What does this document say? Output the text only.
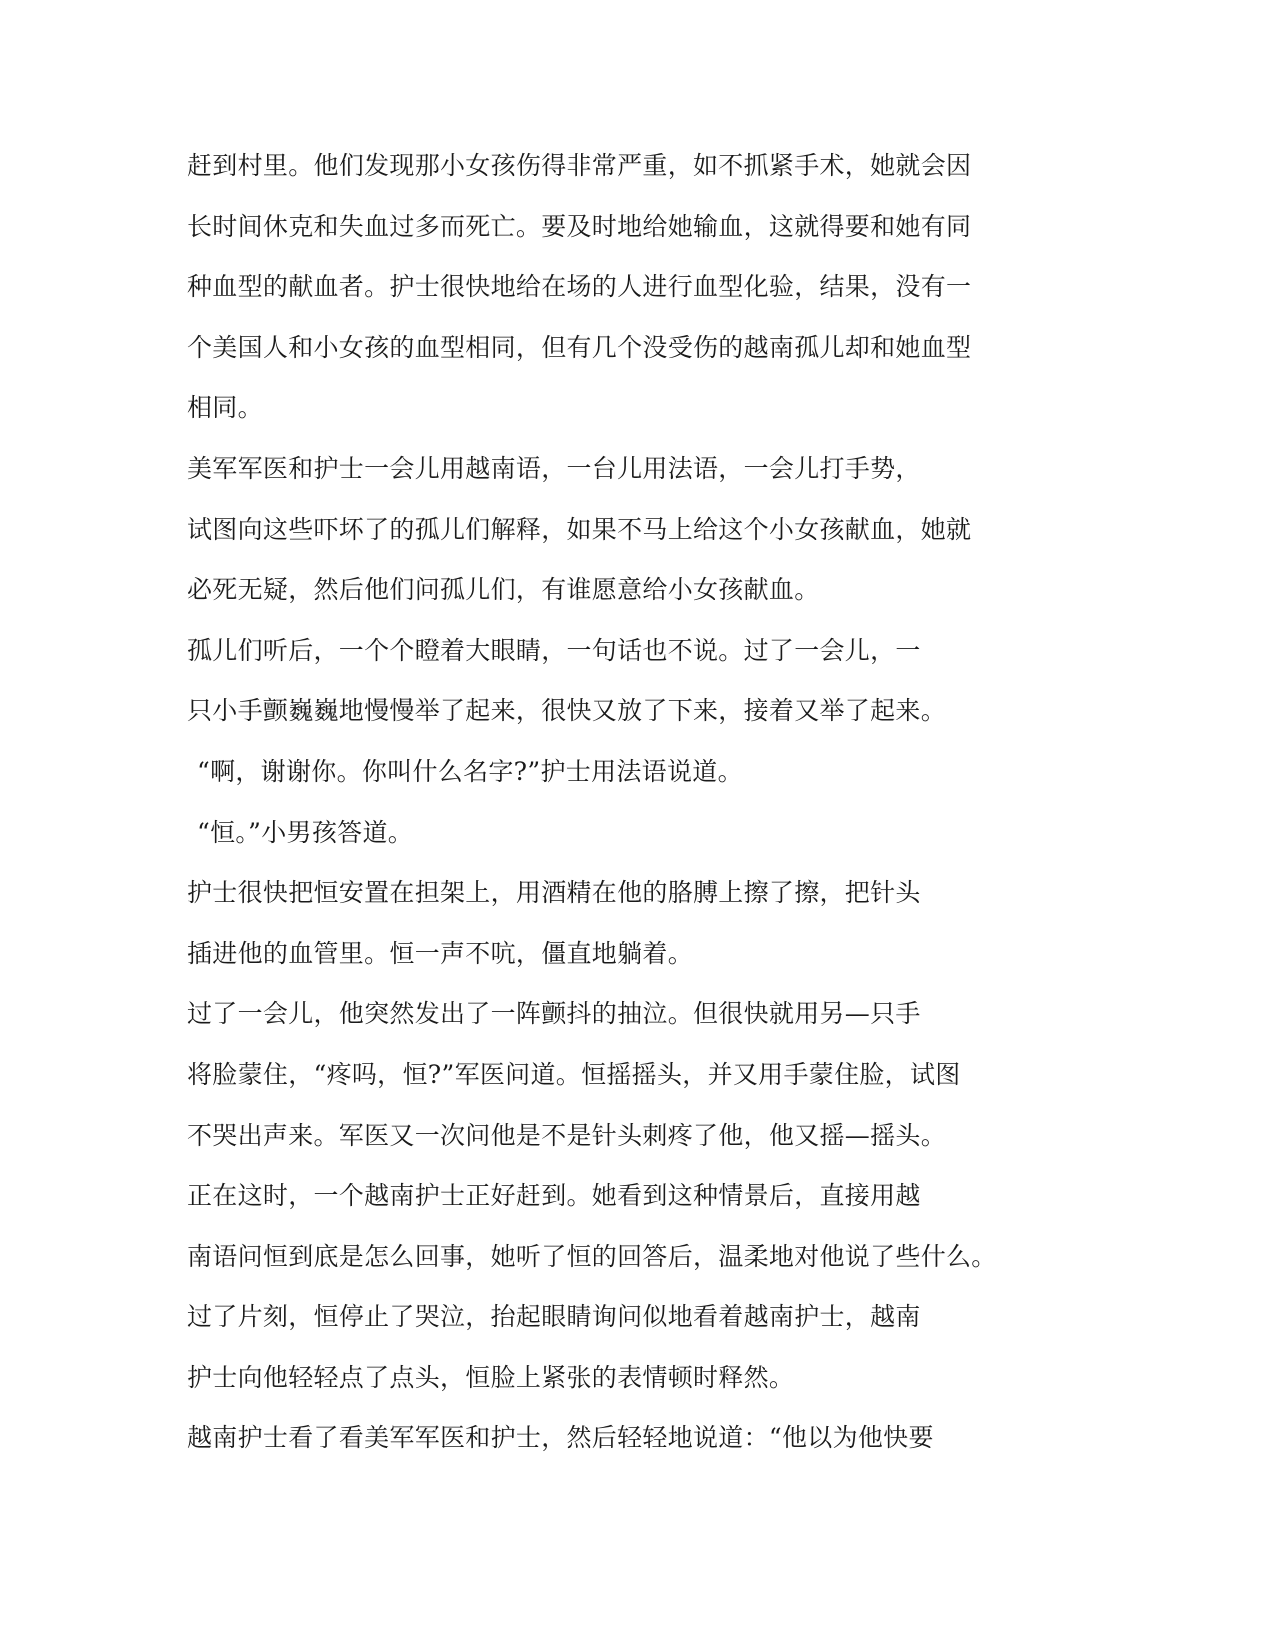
赶到村里。他们发现那小女孩伤得非常严重，如不抓紧手术，她就会因
长时间休克和失血过多而死亡。要及时地给她输血，这就得要和她有同
种血型的献血者。护士很快地给在场的人进行血型化验，结果，没有一
个美国人和小女孩的血型相同，但有几个没受伤的越南孤儿却和她血型
相同。
美军军医和护士一会儿用越南语，一台儿用法语，一会儿打手势，
试图向这些吓坏了的孤儿们解释，如果不马上给这个小女孩献血，她就
必死无疑，然后他们问孤儿们，有谁愿意给小女孩献血。
孤儿们听后，一个个瞪着大眼睛，一句话也不说。过了一会儿，一
只小手颤巍巍地慢慢举了起来，很快又放了下来，接着又举了起来。
“啊，谢谢你。你叫什么名字?”护士用法语说道。
“恒。”小男孩答道。
护士很快把恒安置在担架上，用酒精在他的胳膊上擦了擦，把针头
插进他的血管里。恒一声不吭，僵直地躺着。
过了一会儿，他突然发出了一阵颤抖的抽泣。但很快就用另—只手
将脸蒙住，“疼吗，恒?”军医问道。恒摇摇头，并又用手蒙住脸，试图
不哭出声来。军医又一次问他是不是针头刺疼了他，他又摇—摇头。
正在这时，一个越南护士正好赶到。她看到这种情景后，直接用越
南语问恒到底是怎么回事，她听了恒的回答后，温柔地对他说了些什么。
过了片刻，恒停止了哭泣，抬起眼睛询问似地看着越南护士，越南
护士向他轻轻点了点头，恒脸上紧张的表情顿时释然。
越南护士看了看美军军医和护士，然后轻轻地说道：“他以为他快要
